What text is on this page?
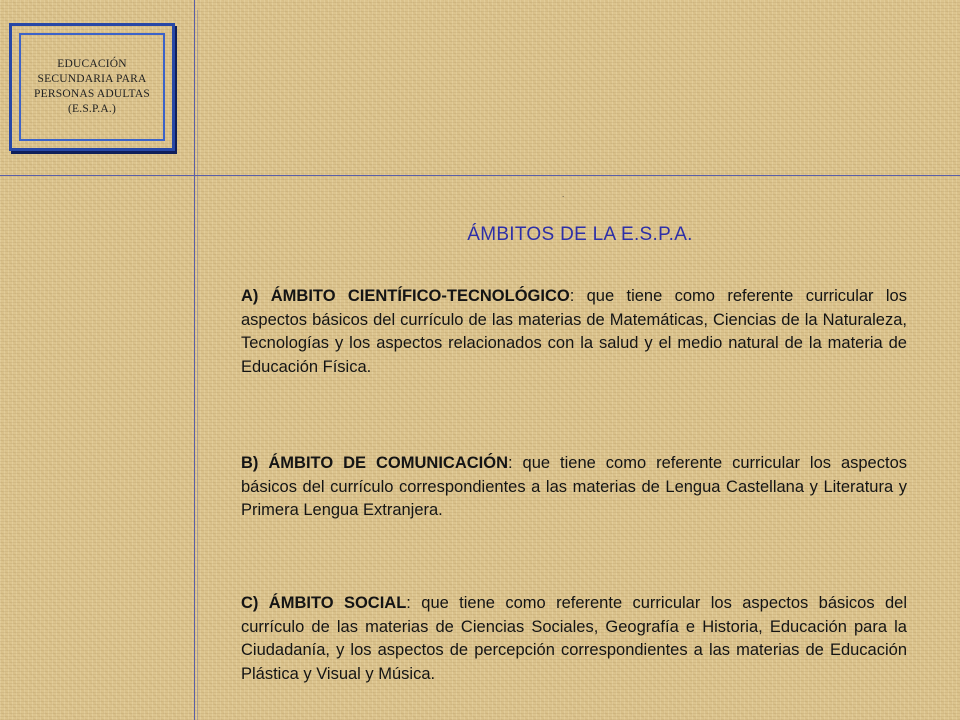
EDUCACIÓN
SECUNDARIA PARA
PERSONAS ADULTAS
(E.S.P.A.)
.
ÁMBITOS DE LA E.S.P.A.
A) ÁMBITO CIENTÍFICO-TECNOLÓGICO: que tiene como referente curricular los aspectos básicos del currículo de las materias de Matemáticas, Ciencias de la Naturaleza, Tecnologías y los aspectos relacionados con la salud y el medio natural de la materia de Educación Física.
B) ÁMBITO DE COMUNICACIÓN: que tiene como referente curricular los aspectos básicos del currículo correspondientes a las materias de Lengua Castellana y Literatura y Primera Lengua Extranjera.
C) ÁMBITO SOCIAL: que tiene como referente curricular los aspectos básicos del currículo de las materias de Ciencias Sociales, Geografía e Historia, Educación para la Ciudadanía, y los aspectos de percepción correspondientes a las materias de Educación Plástica y Visual y Música.
